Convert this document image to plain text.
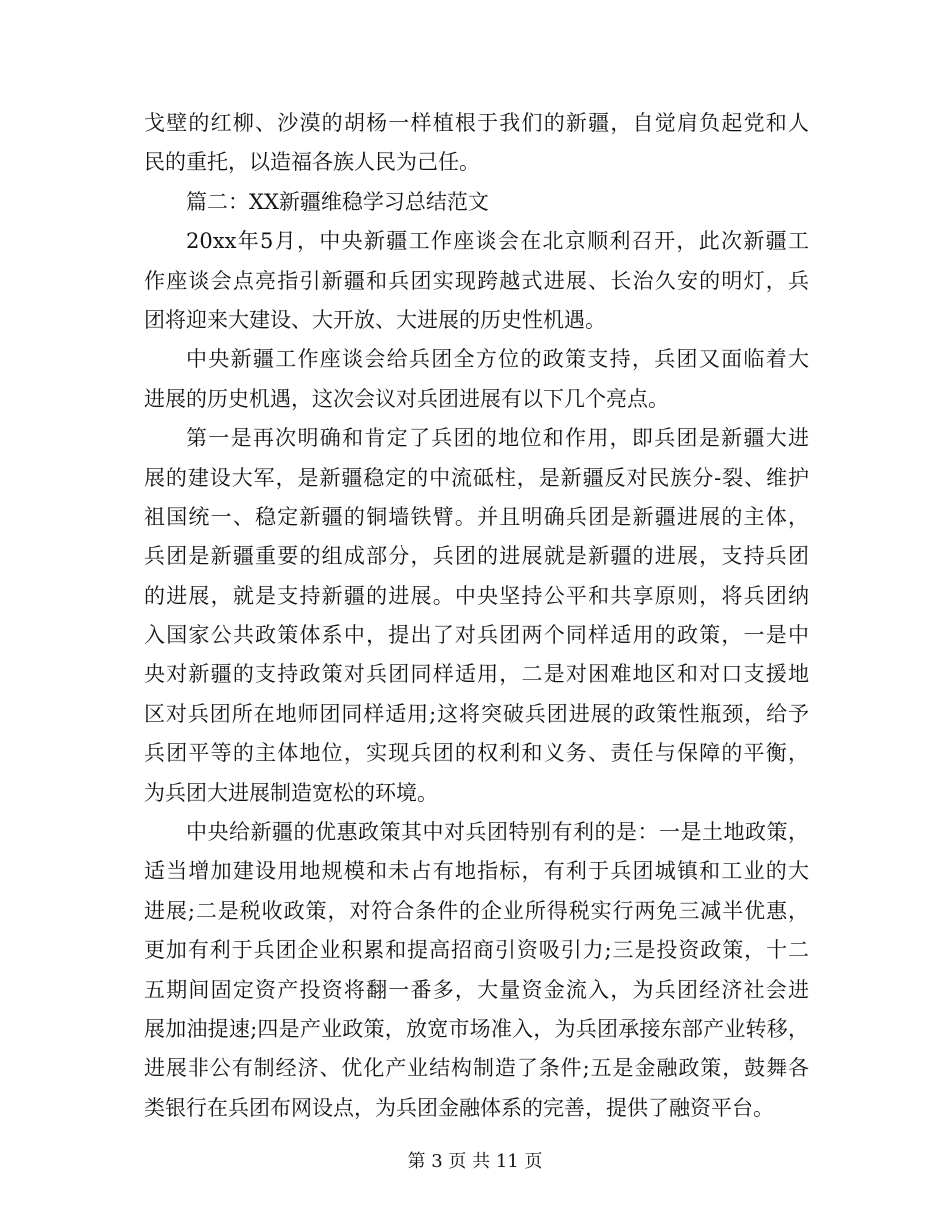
戈壁的红柳、沙漠的胡杨一样植根于我们的新疆，自觉肩负起党和人
民的重托，以造福各族人民为己任。
篇二：XX新疆维稳学习总结范文
20xx年5月，中央新疆工作座谈会在北京顺利召开，此次新疆工
作座谈会点亮指引新疆和兵团实现跨越式进展、长治久安的明灯，兵
团将迎来大建设、大开放、大进展的历史性机遇。
中央新疆工作座谈会给兵团全方位的政策支持，兵团又面临着大
进展的历史机遇，这次会议对兵团进展有以下几个亮点。
第一是再次明确和肯定了兵团的地位和作用，即兵团是新疆大进
展的建设大军，是新疆稳定的中流砥柱，是新疆反对民族分-裂、维护
祖国统一、稳定新疆的铜墙铁臂。并且明确兵团是新疆进展的主体，
兵团是新疆重要的组成部分，兵团的进展就是新疆的进展，支持兵团
的进展，就是支持新疆的进展。中央坚持公平和共享原则，将兵团纳
入国家公共政策体系中，提出了对兵团两个同样适用的政策，一是中
央对新疆的支持政策对兵团同样适用，二是对困难地区和对口支援地
区对兵团所在地师团同样适用;这将突破兵团进展的政策性瓶颈，给予
兵团平等的主体地位，实现兵团的权利和义务、责任与保障的平衡，
为兵团大进展制造宽松的环境。
中央给新疆的优惠政策其中对兵团特别有利的是：一是土地政策，
适当增加建设用地规模和未占有地指标，有利于兵团城镇和工业的大
进展;二是税收政策，对符合条件的企业所得税实行两免三减半优惠，
更加有利于兵团企业积累和提高招商引资吸引力;三是投资政策，十二
五期间固定资产投资将翻一番多，大量资金流入，为兵团经济社会进
展加油提速;四是产业政策，放宽市场准入，为兵团承接东部产业转移，
进展非公有制经济、优化产业结构制造了条件;五是金融政策，鼓舞各
类银行在兵团布网设点，为兵团金融体系的完善，提供了融资平台。
第 3 页 共 11 页
